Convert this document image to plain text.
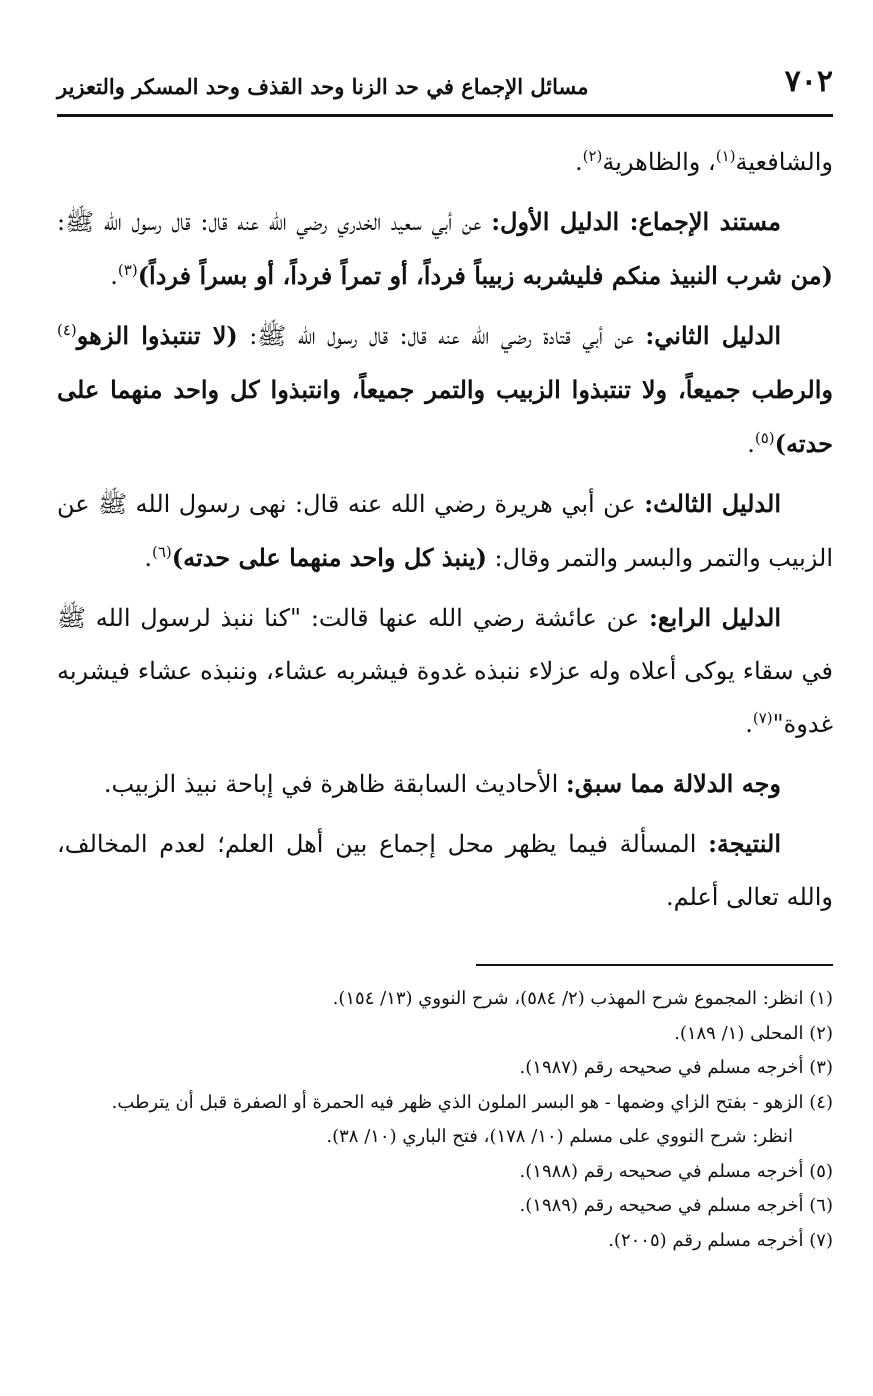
٧٠٢
مسائل الإجماع في حد الزنا وحد القذف وحد المسكر والتعزير

والشافعية$^{(١)}$، والظاهرية$^{(٢)}$.

مستند الإجماع: الدليل الأول: عن أبي سعيد الخدري رضي الله عنه قال: قال رسول الله ﷺ: (من شرب النبيذ منكم فليشربه زبيباً فرداً، أو تمراً فرداً، أو بسراً فرداً)$^{(٣)}$.

الدليل الثاني: عن أبي قتادة رضي الله عنه قال: قال رسول الله ﷺ: (لا تنتبذوا الزهو$^{(٤)}$ والرطب جميعاً، ولا تنتبذوا الزبيب والتمر جميعاً، وانتبذوا كل واحد منهما على حدته)$^{(٥)}$.

الدليل الثالث: عن أبي هريرة رضي الله عنه قال: نهى رسول الله ﷺ عن الزبيب والتمر والبسر والتمر وقال: (ينبذ كل واحد منهما على حدته)$^{(٦)}$.

الدليل الرابع: عن عائشة رضي الله عنها قالت: "كنا ننبذ لرسول الله ﷺ في سقاء يوكى أعلاه وله عزلاء ننبذه غدوة فيشربه عشاء، وننبذه عشاء فيشربه غدوة"$^{(٧)}$.

وجه الدلالة مما سبق: الأحاديث السابقة ظاهرة في إباحة نبيذ الزبيب.

النتيجة: المسألة فيما يظهر محل إجماع بين أهل العلم؛ لعدم المخالف، والله تعالى أعلم.

(١) انظر: المجموع شرح المهذب (٢/ ٥٨٤)، شرح النووي (١٣/ ١٥٤).

(٢) المحلى (١/ ١٨٩).

(٣) أخرجه مسلم في صحيحه رقم (١٩٨٧).

(٤) الزهو - بفتح الزاي وضمها - هو البسر الملون الذي ظهر فيه الحمرة أو الصفرة قبل أن يترطب.

انظر: شرح النووي على مسلم (١٠/ ١٧٨)، فتح الباري (١٠/ ٣٨).

(٥) أخرجه مسلم في صحيحه رقم (١٩٨٨).

(٦) أخرجه مسلم في صحيحه رقم (١٩٨٩).

(٧) أخرجه مسلم رقم (٢٠٠٥).
